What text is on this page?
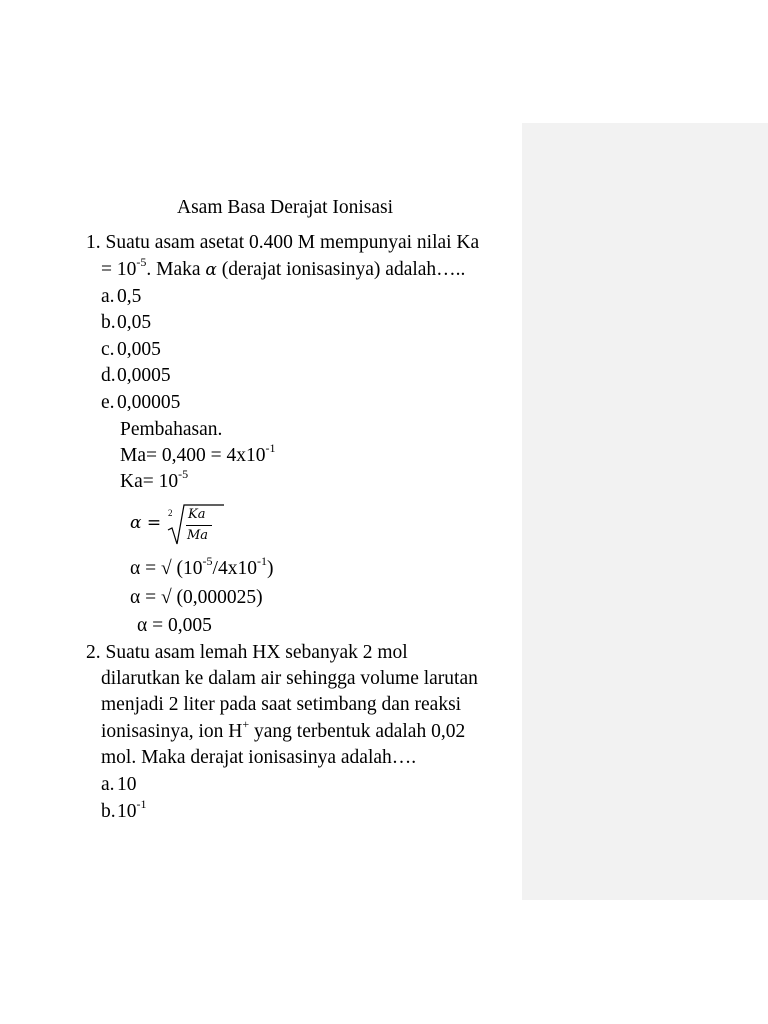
Asam Basa Derajat Ionisasi
1. Suatu asam asetat 0.400 M mempunyai nilai Ka
= $10^{-5}$. Maka α (derajat ionisasinya) adalah…..
a. 0,5
b.0,05
c. 0,005
d.0,0005
e. 0,00005
Pembahasan.
$Ma= 0,400 = 4x10^{-1}$
$Ka= 10^{-5}$
α = 2 Ka
Ma
α = √ $(10^{-5}/4x10^{-1})$
α = √ (0,000025)
α = 0,005
2. Suatu asam lemah HX sebanyak 2 mol
dilarutkan ke dalam air sehingga volume larutan
menjadi 2 liter pada saat setimbang dan reaksi
ionisasinya, ion H+ yang terbentuk adalah 0,02
mol. Maka derajat ionisasinya adalah….
a. 10
$b.10^{-1}$
